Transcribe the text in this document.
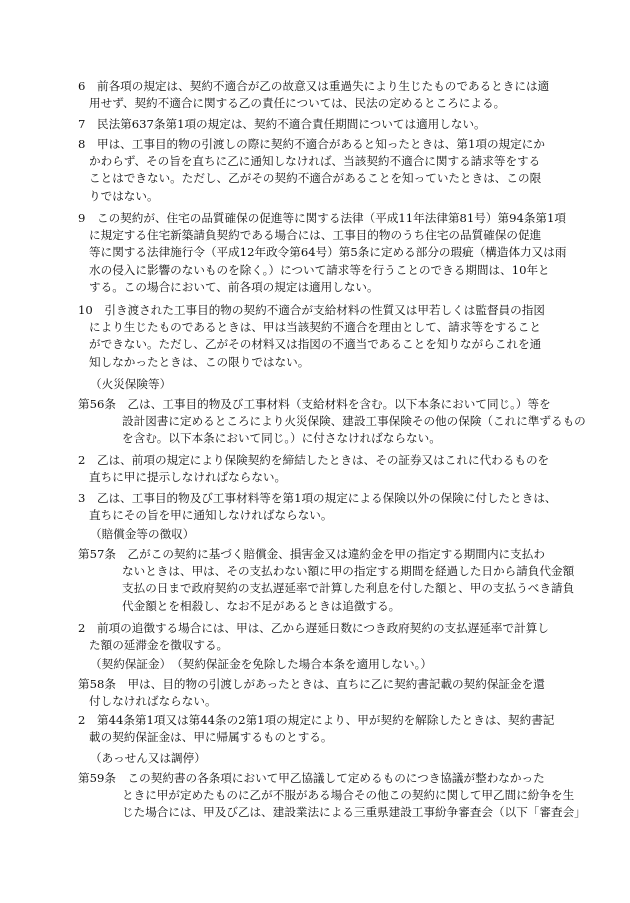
6　前各項の規定は、契約不適合が乙の故意又は重過失により生じたものであるときには適
用せず、契約不適合に関する乙の責任については、民法の定めるところによる。
7　民法第637条第1項の規定は、契約不適合責任期間については適用しない。
8　甲は、工事目的物の引渡しの際に契約不適合があると知ったときは、第1項の規定にか
かわらず、その旨を直ちに乙に通知しなければ、当該契約不適合に関する請求等をする
ことはできない。ただし、乙がその契約不適合があることを知っていたときは、この限
りではない。
9　この契約が、住宅の品質確保の促進等に関する法律（平成11年法律第81号）第94条第1項
に規定する住宅新築請負契約である場合には、工事目的物のうち住宅の品質確保の促進
等に関する法律施行令（平成12年政令第64号）第5条に定める部分の瑕疵（構造体力又は雨
水の侵入に影響のないものを除く。）について請求等を行うことのできる期間は、10年と
する。この場合において、前各項の規定は適用しない。
10　引き渡された工事目的物の契約不適合が支給材料の性質又は甲若しくは監督員の指図
により生じたものであるときは、甲は当該契約不適合を理由として、請求等をすること
ができない。ただし、乙がその材料又は指図の不適当であることを知りながらこれを通
知しなかったときは、この限りではない。
（火災保険等）
第56条　乙は、工事目的物及び工事材料（支給材料を含む。以下本条において同じ。）等を
設計図書に定めるところにより火災保険、建設工事保険その他の保険（これに準ずるもの
を含む。以下本条において同じ。）に付さなければならない。
2　乙は、前項の規定により保険契約を締結したときは、その証券又はこれに代わるものを
直ちに甲に提示しなければならない。
3　乙は、工事目的物及び工事材料等を第1項の規定による保険以外の保険に付したときは、
直ちにその旨を甲に通知しなければならない。
（賠償金等の徴収）
第57条　乙がこの契約に基づく賠償金、損害金又は違約金を甲の指定する期間内に支払わ
ないときは、甲は、その支払わない額に甲の指定する期間を経過した日から請負代金額
支払の日まで政府契約の支払遅延率で計算した利息を付した額と、甲の支払うべき請負
代金額とを相殺し、なお不足があるときは追徴する。
2　前項の追徴する場合には、甲は、乙から遅延日数につき政府契約の支払遅延率で計算し
た額の延滞金を徴収する。
（契約保証金）　（契約保証金を免除した場合本条を適用しない。）
第58条　甲は、目的物の引渡しがあったときは、直ちに乙に契約書記載の契約保証金を還
付しなければならない。
2　第44条第1項又は第44条の2第1項の規定により、甲が契約を解除したときは、契約書記
載の契約保証金は、甲に帰属するものとする。
（あっせん又は調停）
第59条　この契約書の各条項において甲乙協議して定めるものにつき協議が整わなかった
ときに甲が定めたものに乙が不服がある場合その他この契約に関して甲乙間に紛争を生
じた場合には、甲及び乙は、建設業法による三重県建設工事紛争審査会（以下「審査会」
